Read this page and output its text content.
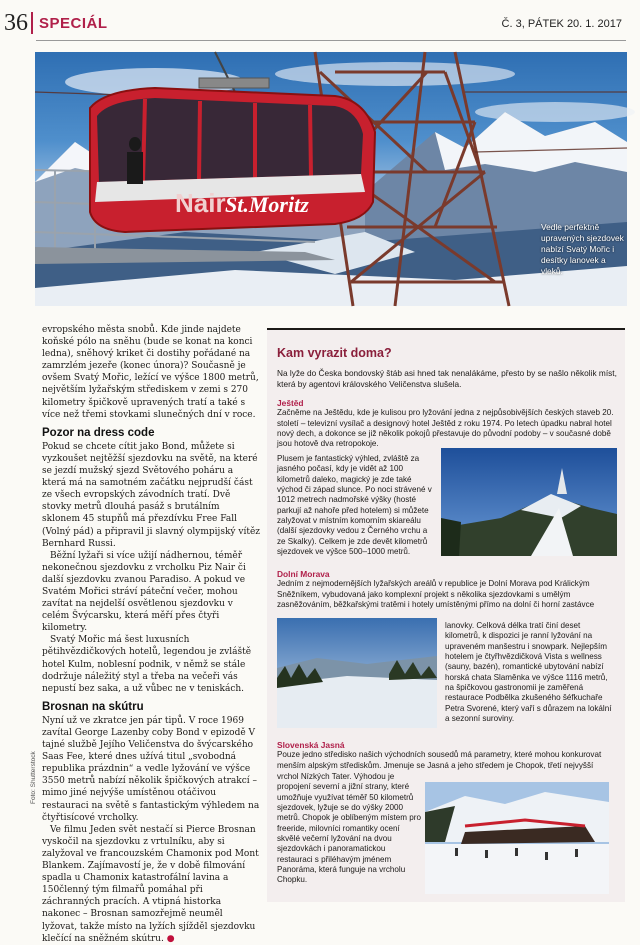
36 SPECIÁL	Č. 3, PÁTEK 20. 1. 2017
St.Moritz
Nair
Vedle perfektně upravených sjezdovek nabízí Svatý Mořic i desítky lanovek a vleků.

evropského města snobů. Kde jinde najdete koňské pólo na sněhu (bude se konat na konci ledna), sněhový kriket či dostihy pořádané na zamrzlém jezeře (konec února)? Současně je ovšem Svatý Mořic, ležící ve výšce 1800 metrů, největším lyžařským střediskem v zemi s 270 kilometry špičkově upravených tratí a také s více než třemi stovkami slunečných dní v roce.

Pozor na dress code

Pokud se chcete cítit jako Bond, můžete si vyzkoušet nejtěžší sjezdovku na světě, na které se jezdí mužský sjezd Světového poháru a která má na samotném začátku nejprudší část ze všech evropských závodních tratí. Dvě stovky metrů dlouhá pasáž s brutálním sklonem 45 stupňů má přezdívku Free Fall (Volný pád) a připravil ji slavný olympijský vítěz Bernhard Russi.

Běžní lyžaři si více užijí nádhernou, téměř nekonečnou sjezdovku z vrcholku Piz Nair či další sjezdovku zvanou Paradiso. A pokud ve Svatém Mořici stráví páteční večer, mohou zavítat na nejdelší osvětlenou sjezdovku v celém Švýcarsku, která měří přes čtyři kilometry.

Svatý Mořic má šest luxusních pětihvězdičkových hotelů, legendou je zvláště hotel Kulm, noblesní podnik, v němž se stále dodržuje náležitý styl a třeba na večeři vás nepustí bez saka, a už vůbec ne v teniskách.

Brosnan na skútru

Nyní už ve zkratce jen pár tipů. V roce 1969 zavítal George Lazenby coby Bond v epizodě V tajné službě Jejího Veličenstva do švýcarského Saas Fee, které dnes užívá titul „svobodná republika prázdnin“ a vedle lyžování ve výšce 3550 metrů nabízí několik špičkových atrakcí – mimo jiné nejvýše umístěnou otáčivou restauraci na světě s fantastickým výhledem na čtyřtisícové vrcholky.

Ve filmu Jeden svět nestačí si Pierce Brosnan vyskočil na sjezdovku z vrtulníku, aby si zalyžoval ve francouzském Chamonix pod Mont Blankem. Zajímavostí je, že v době filmování spadla u Chamonix katastrofální lavina a 150členný tým filmařů pomáhal při záchranných pracích. A vtipná historka nakonec – Brosnan samozřejmě neuměl lyžovat, takže místo na lyžích sjížděl sjezdovku klečící na sněžném skútru. ●

Foto: Shutterstock
Kam vyrazit doma?
Na lyže do Česka bondovský štáb asi hned tak nenalákáme, přesto by se našlo několik míst, která by agentovi královského Veličenstva slušela.
Ještěd
Začněme na Ještědu, kde je kulisou pro lyžování jedna z nejpůsobivějších českých staveb 20. století – televizní vysílač a designový hotel Ještěd z roku 1974. Po letech úpadku nabral hotel nový dech, a dokonce se již několik pokojů přestavuje do původní podoby – v současné době jsou hotově dva retropokoje.
Plusem je fantastický výhled, zvláště za jasného počasí, kdy je vidět až 100 kilometrů daleko, magický je zde také východ či západ slunce. Po noci strávené v 1012 metrech nadmořské výšky (hosté parkují až nahoře před hotelem) si můžete zalyžovat v místním komorním skiareálu (další sjezdovky vedou z Černého vrchu a ze Skalky). Celkem je zde devět kilometrů sjezdovek ve výšce 500–1000 metrů.
Dolní Morava
Jedním z nejmodernějších lyžařských areálů v republice je Dolní Morava pod Králickým Sněžníkem, vybudovaná jako komplexní projekt s několika sjezdovkami s umělým zasněžováním, běžkařskými tratěmi i hotely umístěnými přímo na dolní či horní zastávce
lanovky. Celková délka tratí činí deset kilometrů, k dispozici je ranní lyžování na upraveném manšestru i snowpark. Nejlepším hotelem je čtyřhvězdičková Vista s wellness (sauny, bazén), romantické ubytování nabízí horská chata Slaměnka ve výšce 1116 metrů, na špičkovou gastronomii je zaměřená restaurace Podbělka zkušeného šéfkuchaře Petra Svorené, který vaří s důrazem na lokální a sezonní suroviny.
Slovenská Jasná
Pouze jedno středisko našich východních sousedů má parametry, které mohou konkurovat menším alpským střediskům. Jmenuje se Jasná a jeho středem je Chopok, třetí nejvyšší
vrchol Nízkých Tater. Výhodou je propojení severní a jižní strany, které umožňuje využívat téměř 50 kilometrů sjezdovek, lyžuje se do výšky 2000 metrů. Chopok je oblíbeným místem pro freeride, milovníci romantiky ocení skvělé večerní lyžování na dvou sjezdovkách i panoramatickou restauraci s přiléhavým jménem Panoráma, která funguje na vrcholu Chopku.
